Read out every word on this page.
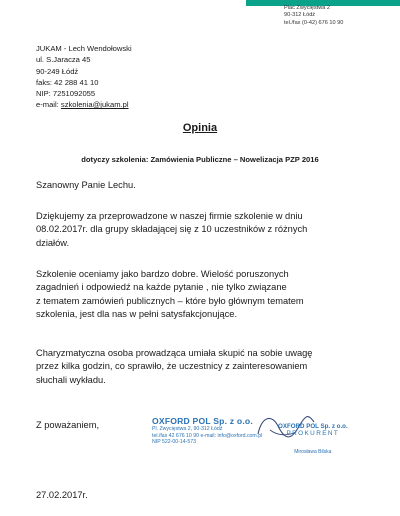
Plac Zwycięstwa 2
90-312 Łódź
tel./fax (0-42) 676 10 90
JUKAM - Lech Wendołowski
ul. S.Jaracza 45
90-249 Łódź
faks: 42 288 41 10
NIP: 7251092055
e-mail: szkolenia@jukam.pl
Opinia
dotyczy szkolenia: Zamówienia Publiczne – Nowelizacja PZP 2016
Szanowny Panie Lechu.
Dziękujemy za przeprowadzone w naszej firmie szkolenie w dniu
08.02.2017r. dla grupy składającej się z 10 uczestników z różnych
działów.
Szkolenie oceniamy jako bardzo dobre. Wielość poruszonych
zagadnień i odpowiedź na każde pytanie , nie tylko związane
z tematem zamówień publicznych – które było głównym tematem
szkolenia, jest dla nas w pełni satysfakcjonujące.
Charyzmatyczna osoba prowadząca umiała skupić na sobie uwagę
przez kilka godzin, co sprawiło, że uczestnicy z zainteresowaniem
słuchali wykładu.
Z poważaniem,	OXFORD POL Sp. z o.o.
Pl. Zwycięstwa 2, 90-312 Łódź
tel./fax 42 676 10 90 e-mail: info@oxford.com.pl
NIP 522-00-14-573
OXFORD POL Sp. z o.o.
PROKURENT
Mirosława Bilska
27.02.2017r.
